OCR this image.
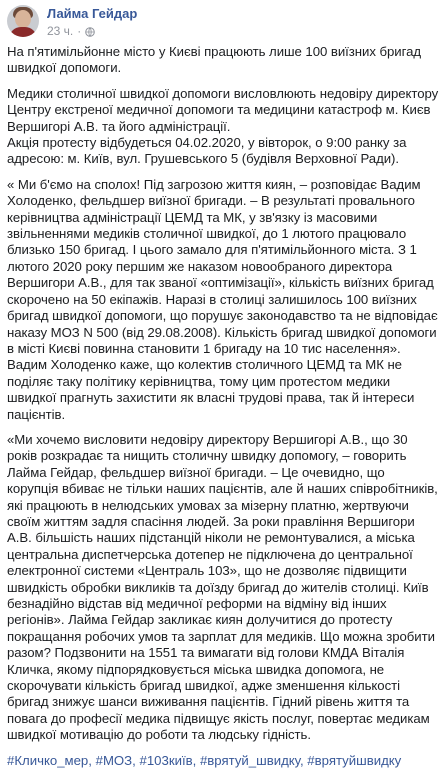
Лайма Гейдар
23 ч. ·

На п'ятимільйонне місто у Києві працюють лише 100 виїзних бригад швидкої допомоги.

Медики столичної швидкої допомоги висловлюють недовіру директору Центру екстреної медичної допомоги та медицини катастроф м. Києв Вершигорі А.В. та його адміністрації.
Акція протесту відбудеться 04.02.2020, у вівторок, о 9:00 ранку за адресою: м. Київ, вул. Грушевського 5 (будівля Верховної Ради).

« Ми б'ємо на сполох! Під загрозою життя киян, – розповідає Вадим Холоденко, фельдшер виїзної бригади. – В результаті провального керівництва адміністрації ЦЕМД та МК, у зв'язку із масовими звільненнями медиків столичної швидкої, до 1 лютого працювало близько 150 бригад. І цього замало для п'ятимільйонного міста. З 1 лютого 2020 року першим же наказом новообраного директора Вершигори А.В., для так званої «оптимізації», кількість виїзних бригад скорочено на 50 екіпажів. Наразі в столиці залишилось 100 виїзних бригад швидкої допомоги, що порушує законодавство та не відповідає наказу МОЗ N 500 (від 29.08.2008). Кількість бригад швидкої допомоги в місті Києві повинна становити 1 бригаду на 10 тис населення». Вадим Холоденко каже, що колектив столичного ЦЕМД та МК не поділяє таку політику керівництва, тому цим протестом медики швидкої прагнуть захистити як власні трудові права, так й інтереси пацієнтів.

«Ми хочемо висловити недовіру директору Вершигорі А.В., що 30 років розкрадає та нищить столичну швидку допомогу, – говорить Лайма Гейдар, фельдшер виїзної бригади. – Це очевидно, що корупція вбиває не тільки наших пацієнтів, але й наших співробітників, які працюють в нелюдських умовах за мізерну платню, жертвуючи своїм життям задля спасіння людей. За роки правління Вершигори А.В. більшість наших підстанцій ніколи не ремонтувалися, а міська центральна диспетчерська дотепер не підключена до центральної електронної системи «Централь 103», що не дозволяє підвищити швидкість обробки викликів та доїзду бригад до жителів столиці. Київ безнадійно відстав від медичної реформи на відміну від інших регіонів». Лайма Гейдар закликає киян долучитися до протесту покращання робочих умов та зарплат для медиків. Що можна зробити разом? Подзвонити на 1551 та вимагати від голови КМДА Віталія Кличка, якому підпорядковується міська швидка допомога, не скорочувати кількість бригад швидкої, адже зменшення кількості бригад знижує шанси виживання пацієнтів. Гідний рівень життя та повага до професії медика підвищує якість послуг, повертає медикам швидкої мотивацію до роботи та людську гідність.

#Кличко_мер, #МОЗ, #103київ, #врятуй_швидку, #врятуйшвидку
